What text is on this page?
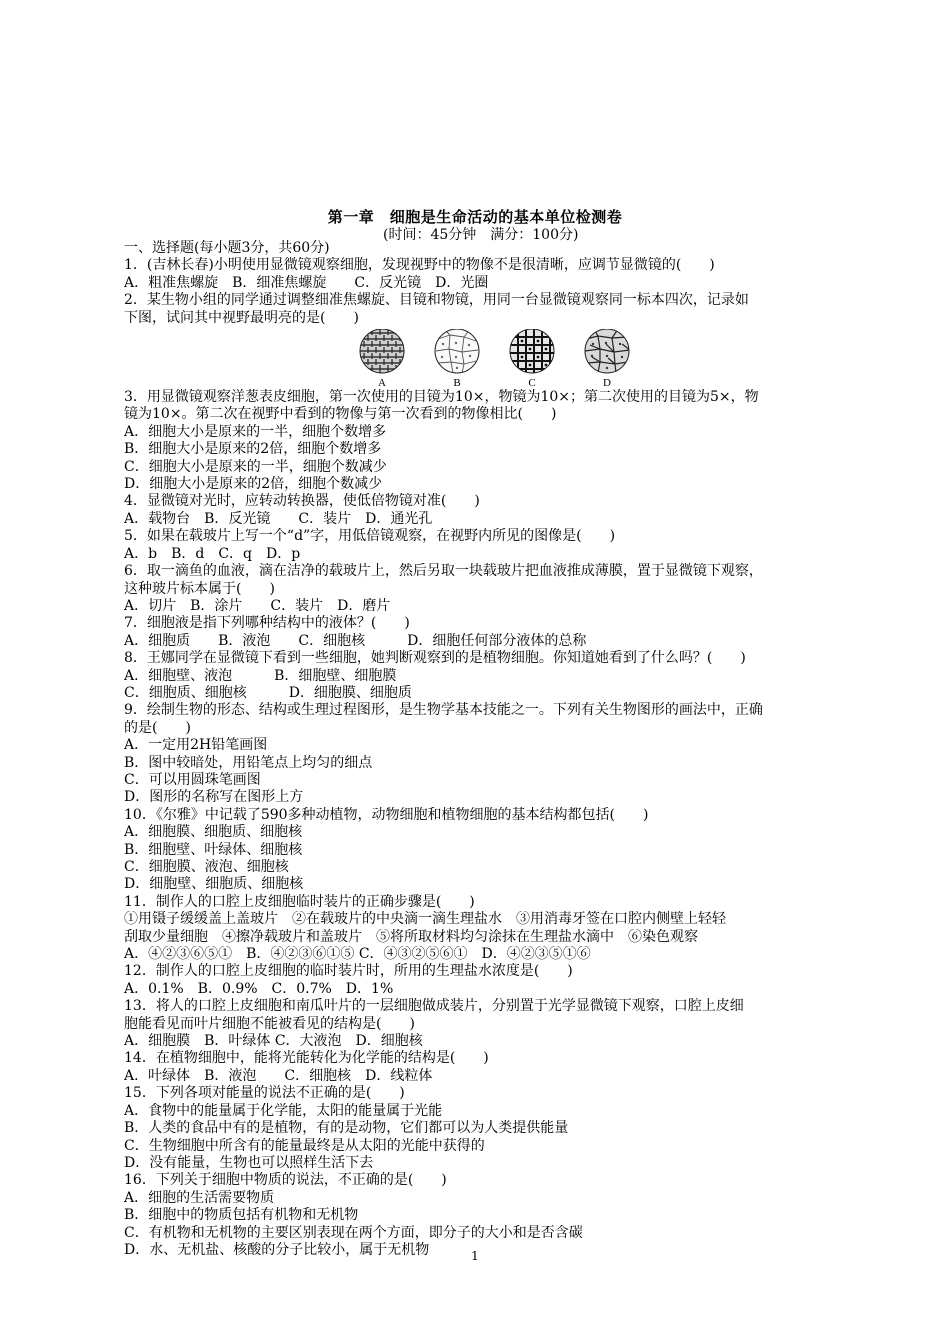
第一章　细胞是生命活动的基本单位检测卷
(时间：45分钟　满分：100分)
一、选择题(每小题3分，共60分)
1．(吉林长春)小明使用显微镜观察细胞，发现视野中的物像不是很清晰，应调节显微镜的(　　)
A．粗准焦螺旋　B．细准焦螺旋　　C．反光镜　D．光圈
2．某生物小组的同学通过调整细准焦螺旋、目镜和物镜，用同一台显微镜观察同一标本四次，记录如
下图，试问其中视野最明亮的是(　　)
A	B	C	D
3．用显微镜观察洋葱表皮细胞，第一次使用的目镜为10×，物镜为10×；第二次使用的目镜为5×，物
镜为10×。第二次在视野中看到的物像与第一次看到的物像相比(　　)
A．细胞大小是原来的一半，细胞个数增多
B．细胞大小是原来的2倍，细胞个数增多
C．细胞大小是原来的一半，细胞个数减少
D．细胞大小是原来的2倍，细胞个数减少
4．显微镜对光时，应转动转换器，使低倍物镜对准(　　)
A．载物台　B．反光镜　　C．装片　D．通光孔
5．如果在载玻片上写一个“d”字，用低倍镜观察，在视野内所见的图像是(　　)
A．b　B．d　C．q　D．p
6．取一滴鱼的血液，滴在洁净的载玻片上，然后另取一块载玻片把血液推成薄膜，置于显微镜下观察，
这种玻片标本属于(　　)
A．切片　B．涂片　　C．装片　D．磨片
7．细胞液是指下列哪种结构中的液体？(　　)
A．细胞质　　B．液泡　　C．细胞核　　　D．细胞任何部分液体的总称
8．王娜同学在显微镜下看到一些细胞，她判断观察到的是植物细胞。你知道她看到了什么吗？(　　)
A．细胞壁、液泡　　　B．细胞壁、细胞膜
C．细胞质、细胞核　　　D．细胞膜、细胞质
9．绘制生物的形态、结构或生理过程图形，是生物学基本技能之一。下列有关生物图形的画法中，正确
的是(　　)
A．一定用2H铅笔画图
B．图中较暗处，用铅笔点上均匀的细点
C．可以用圆珠笔画图
D．图形的名称写在图形上方
10．《尔雅》中记载了590多种动植物，动物细胞和植物细胞的基本结构都包括(　　)
A．细胞膜、细胞质、细胞核
B．细胞壁、叶绿体、细胞核
C．细胞膜、液泡、细胞核
D．细胞壁、细胞质、细胞核
11．制作人的口腔上皮细胞临时装片的正确步骤是(　　)
①用镊子缓缓盖上盖玻片　②在载玻片的中央滴一滴生理盐水　③用消毒牙签在口腔内侧壁上轻轻
刮取少量细胞　④擦净载玻片和盖玻片　⑤将所取材料均匀涂抹在生理盐水滴中　⑥染色观察
A．④②③⑥⑤①　B．④②③⑥①⑤ C．④③②⑤⑥①　D．④②③⑤①⑥
12．制作人的口腔上皮细胞的临时装片时，所用的生理盐水浓度是(　　)
A．0.1%　B．0.9%　C．0.7%　D．1%
13．将人的口腔上皮细胞和南瓜叶片的一层细胞做成装片，分别置于光学显微镜下观察，口腔上皮细
胞能看见而叶片细胞不能被看见的结构是(　　)
A．细胞膜　B．叶绿体 C．大液泡　D．细胞核
14．在植物细胞中，能将光能转化为化学能的结构是(　　)
A．叶绿体　B．液泡　　C．细胞核　D．线粒体
15．下列各项对能量的说法不正确的是(　　)
A．食物中的能量属于化学能，太阳的能量属于光能
B．人类的食品中有的是植物，有的是动物，它们都可以为人类提供能量
C．生物细胞中所含有的能量最终是从太阳的光能中获得的
D．没有能量，生物也可以照样生活下去
16．下列关于细胞中物质的说法，不正确的是(　　)
A．细胞的生活需要物质
B．细胞中的物质包括有机物和无机物
C．有机物和无机物的主要区别表现在两个方面，即分子的大小和是否含碳
D．水、无机盐、核酸的分子比较小，属于无机物	1
